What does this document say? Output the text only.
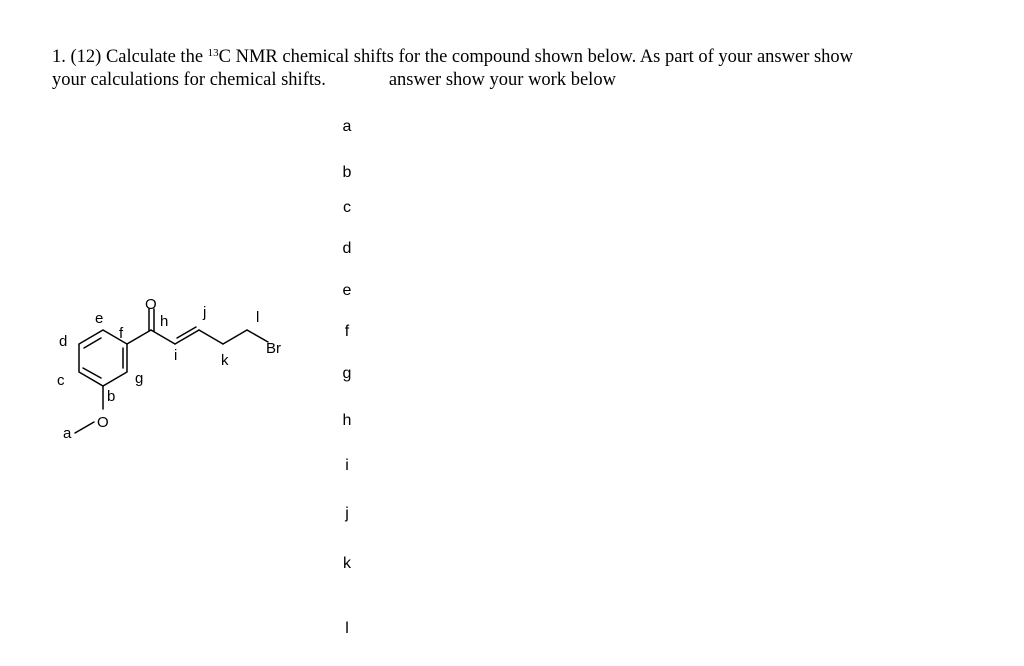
1. (12) Calculate the $^{13}$C NMR chemical shifts for the compound shown below. As part of your answer show
your calculations for chemical shifts.	answer show your work below
O
O
Br
a
b
c
d
e
f
g
h
i
j
k
l
a
b
c
d
e
f
g
h
i
j
k
l
